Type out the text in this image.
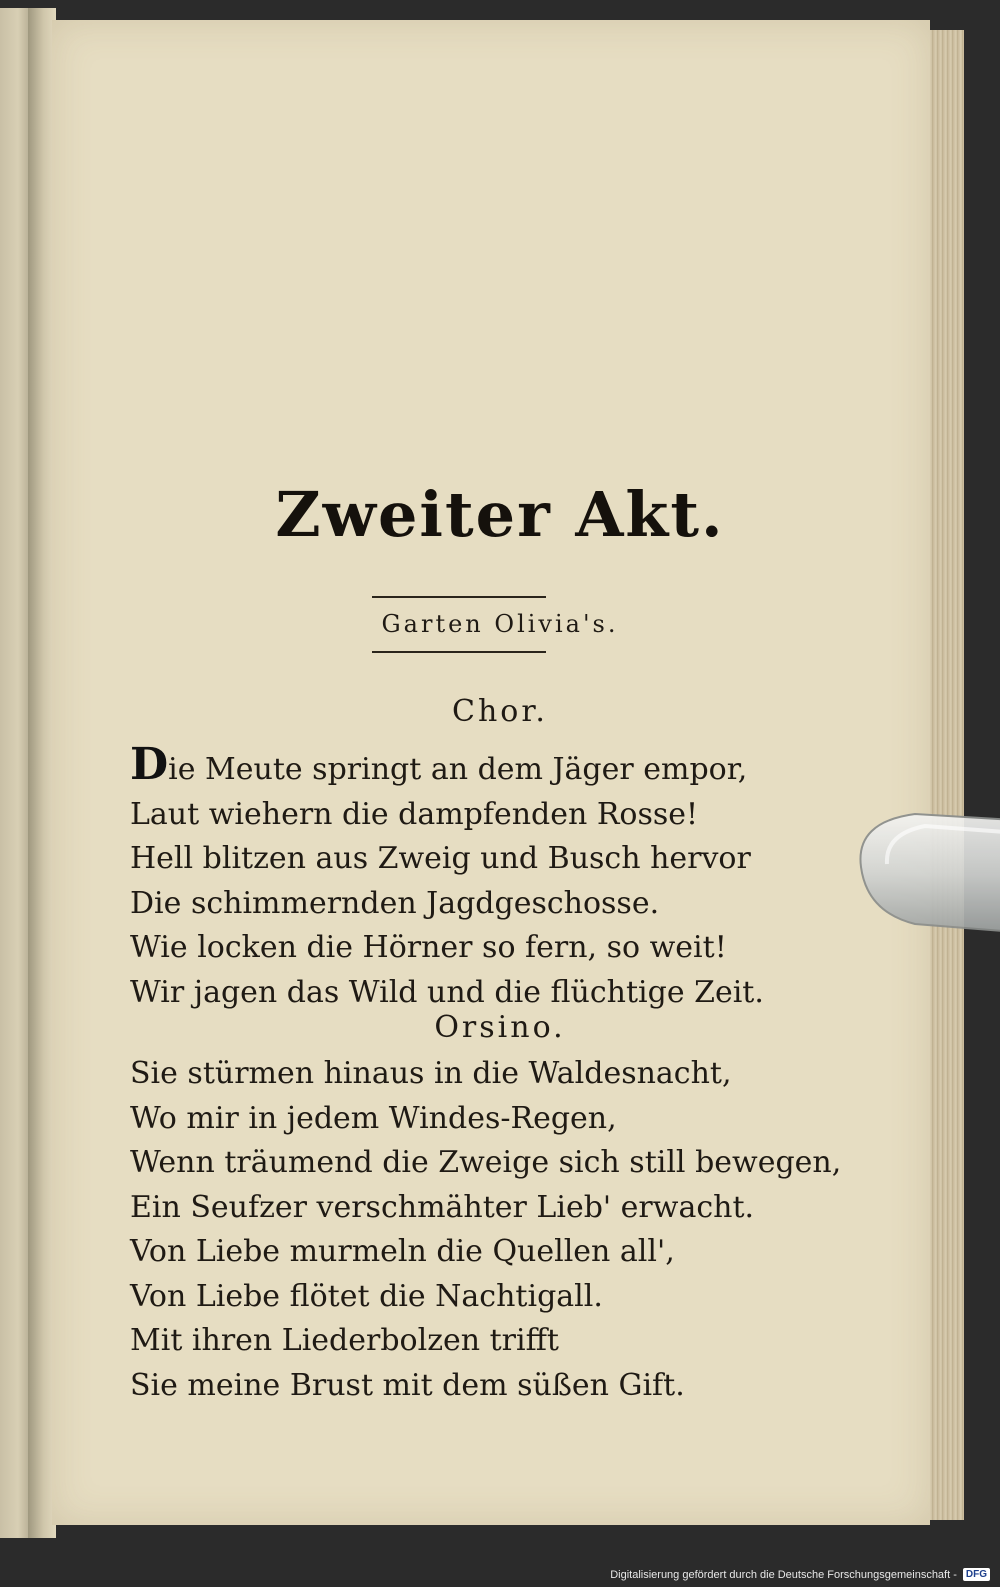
Zweiter Akt.
Garten Olivia's.
Chor.
Die Meute springt an dem Jäger empor,
Laut wiehern die dampfenden Rosse!
Hell blitzen aus Zweig und Busch hervor
Die schimmernden Jagdgeschosse.
Wie locken die Hörner so fern, so weit!
Wir jagen das Wild und die flüchtige Zeit.
Orsino.
Sie stürmen hinaus in die Waldesnacht,
Wo mir in jedem Windes-Regen,
Wenn träumend die Zweige sich still bewegen,
Ein Seufzer verschmähter Lieb' erwacht.
Von Liebe murmeln die Quellen all',
Von Liebe flötet die Nachtigall.
Mit ihren Liederbolzen trifft
Sie meine Brust mit dem süßen Gift.
Digitalisierung gefördert durch die Deutsche Forschungsgemeinschaft - DFG
